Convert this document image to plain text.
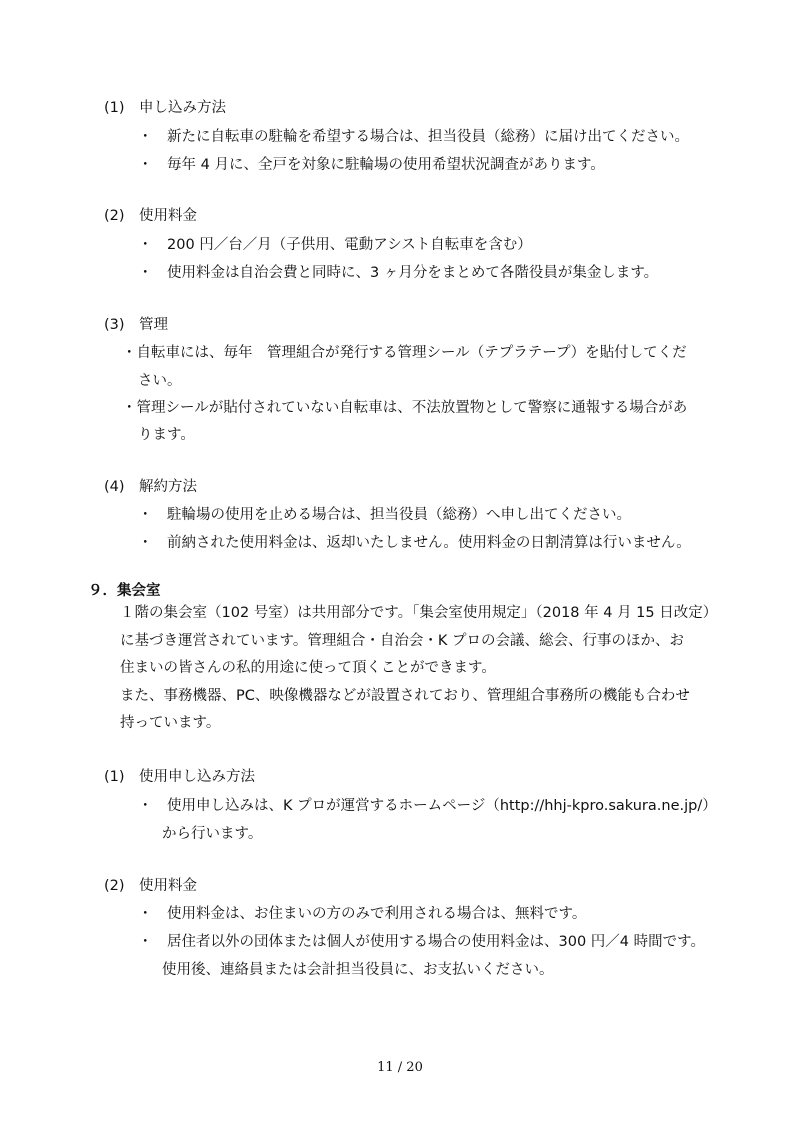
(1)　申し込み方法
・　新たに自転車の駐輪を希望する場合は、担当役員（総務）に届け出てください。
・　毎年 4 月に、全戸を対象に駐輪場の使用希望状況調査があります。
(2)　使用料金
・　200 円／台／月（子供用、電動アシスト自転車を含む）
・　使用料金は自治会費と同時に、3 ヶ月分をまとめて各階役員が集金します。
(3)　管理
・自転車には、毎年　管理組合が発行する管理シール（テプラテープ）を貼付してくだ
さい。
・管理シールが貼付されていない自転車は、不法放置物として警察に通報する場合があ
ります。
(4)　解約方法
・　駐輪場の使用を止める場合は、担当役員（総務）へ申し出てください。
・　前納された使用料金は、返却いたしません。使用料金の日割清算は行いません。
９．集会室
１階の集会室（102 号室）は共用部分です。「集会室使用規定」（2018 年 4 月 15 日改定）
に基づき運営されています。管理組合・自治会・K プロの会議、総会、行事のほか、お
住まいの皆さんの私的用途に使って頂くことができます。
また、事務機器、PC、映像機器などが設置されており、管理組合事務所の機能も合わせ
持っています。
(1)　使用申し込み方法
・　使用申し込みは、K プロが運営するホームページ（http://hhj-kpro.sakura.ne.jp/）
から行います。
(2)　使用料金
・　使用料金は、お住まいの方のみで利用される場合は、無料です。
・　居住者以外の団体または個人が使用する場合の使用料金は、300 円／4 時間です。
使用後、連絡員または会計担当役員に、お支払いください。
11 / 20
